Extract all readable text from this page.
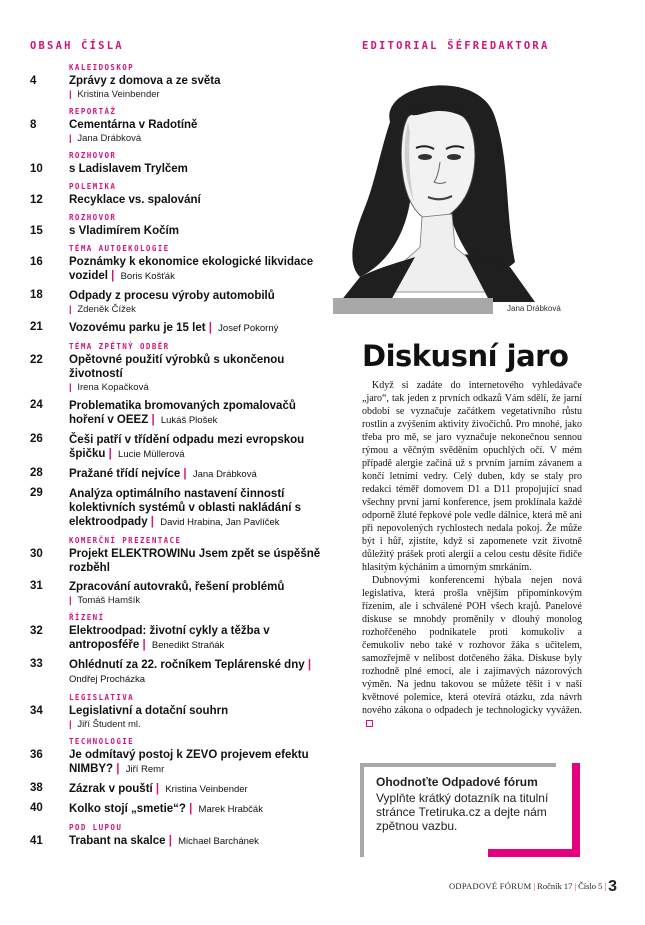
OBSAH ČÍSLA
4
KALEIDOSKOP
Zprávy z domova a ze světa
| Kristina Veinbender
8
REPORTÁŽ
Cementárna v Radotíně
| Jana Drábková
10
ROZHOVOR
s Ladislavem Trylčem
12
POLEMIKA
Recyklace vs. spalování
15
ROZHOVOR
s Vladimírem Kočím
16
TÉMA AUTOEKOLOGIE
Poznámky k ekonomice ekologické likvidace vozidel | Boris Košťák
18 Odpady z procesu výroby automobilů
| Zdeněk Čížek
21 Vozovému parku je 15 let | Josef Pokorný
22
TÉMA ZPĚTNÝ ODBĚR
Opětovné použití výrobků s ukončenou životností
| Irena Kopačková
24 Problematika bromovaných zpomalovačů hoření v OEEZ | Lukáš Plošek
26 Češi patří v třídění odpadu mezi evropskou špičku | Lucie Müllerová
28 Pražané třídí nejvíce | Jana Drábková
29 Analýza optimálního nastavení činností kolektivních systémů v oblasti nakládání s elektroodpady | David Hrabina, Jan Pavlíček
30
KOMERČNÍ PREZENTACE
Projekt ELEKTROWINu Jsem zpět se úspěšně rozběhl
31 Zpracování autovraků, řešení problémů
| Tomáš Hamšík
32
ŘÍZENÍ
Elektroodpad: životní cykly a těžba v antroposféře | Benedikt Straňák
33 Ohlédnutí za 22. ročníkem Teplárenské dny | Ondřej Procházka
34
LEGISLATIVA
Legislativní a dotační souhrn
| Jiří Študent ml.
36
TECHNOLOGIE
Je odmítavý postoj k ZEVO projevem efektu NIMBY? | Jiří Remr
38 Zázrak v pouští | Kristina Veinbender
40 Kolko stojí „smetie“? | Marek Hrabčák
41
POD LUPOU
Trabant na skalce | Michael Barchánek
EDITORIAL ŠÉFREDAKTORA
Jana Drábková
Diskusní jaro

Když si zadáte do internetového vyhledávače „jaro“, tak jeden z prvních odkazů Vám sdělí, že jarní období se vyznačuje začátkem vegetativního růstu rostlin a zvýšením aktivity živočichů. Pro mnohé, jako třeba pro mě, se jaro vyznačuje nekonečnou sennou rýmou a věčným svěděním opuchlých očí. V mém případě alergie začíná už s prvním jarním závanem a končí letními vedry. Celý duben, kdy se staly pro redakci téměř domovem D1 a D11 propojující snad všechny první jarní konference, jsem proklínala každé odporně žluté řepkové pole vedle dálnice, která mě ani při nepovolených rychlostech nedala pokoj. Že může být i hůř, zjistíte, když si zapomenete vzít životně důležitý prášek proti alergii a celou cestu děsíte řidiče hlasitým kýcháním a úmorným smrkáním.

Dubnovými konferencemi hýbala nejen nová legislativa, která prošla vnějším připomínkovým řízením, ale i schválené POH všech krajů. Panelové diskuse se mnohdy proměnily v dlouhý monolog rozhořčeného podnikatele proti komukoliv a čemukoliv nebo také v rozhovor žáka s učitelem, samozřejmě v nelibost dotčeného žáka. Diskuse byly rozhodně plné emocí, ale i zajímavých názorových výměn. Na jednu takovou se můžete těšit i v naší květnové polemice, která otevírá otázku, zda návrh nového zákona o odpadech je technologicky vyvážen.

Ohodnoťte Odpadové fórum
Vyplňte krátký dotazník na titulní stránce Tretiruka.cz a dejte nám zpětnou vazbu.
ODPADOVÉ FÓRUM | Ročník 17 | Číslo 5 | 3
